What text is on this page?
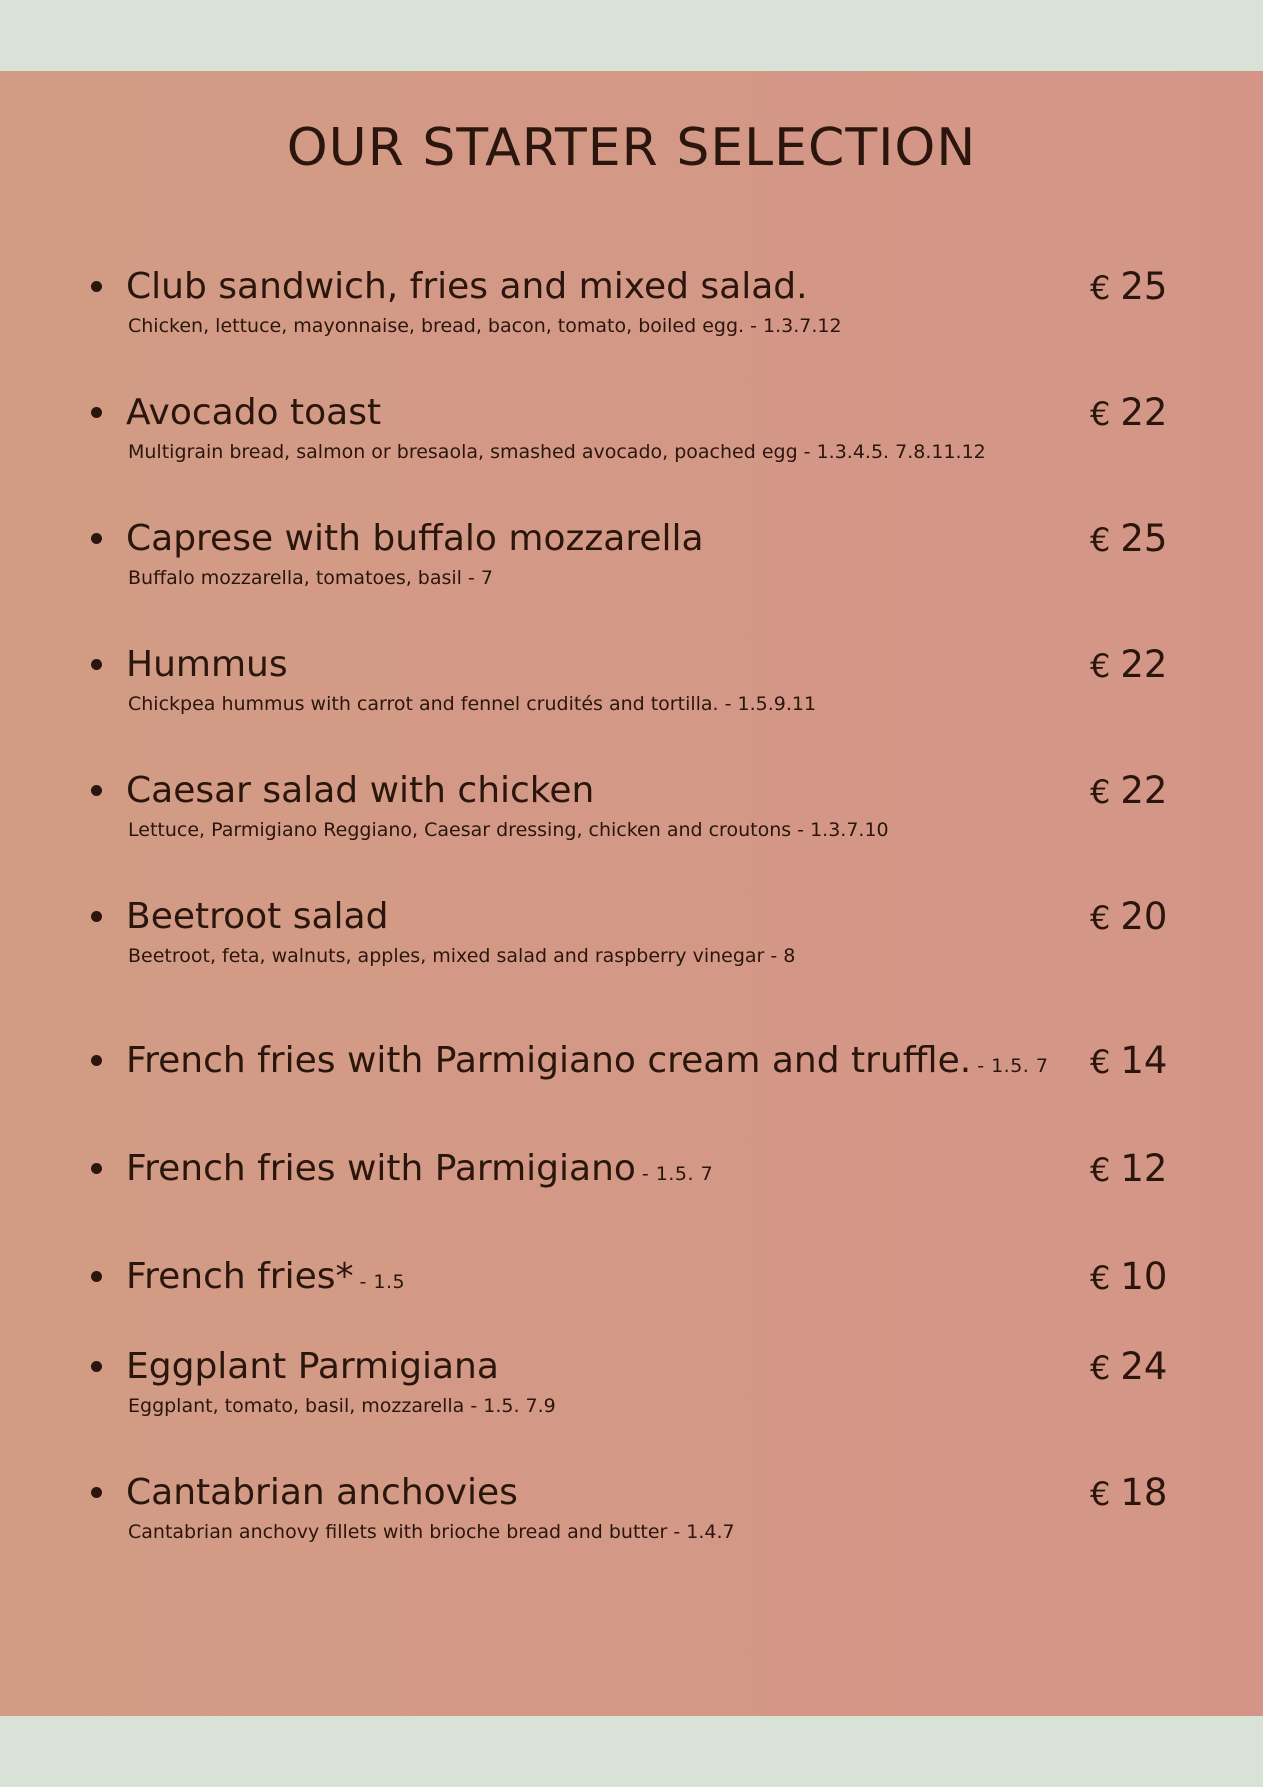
OUR STARTER SELECTION
Club sandwich, fries and mixed salad.
Chicken, lettuce, mayonnaise, bread, bacon, tomato, boiled egg. - 1.3.7.12
€ 25
Avocado toast
Multigrain bread, salmon or bresaola, smashed avocado, poached egg - 1.3.4.5. 7.8.11.12
€ 22
Caprese with buffalo mozzarella
Buffalo mozzarella, tomatoes, basil - 7
€ 25
Hummus
Chickpea hummus with carrot and fennel crudités and tortilla. - 1.5.9.11
€ 22
Caesar salad with chicken
Lettuce, Parmigiano Reggiano, Caesar dressing, chicken and croutons - 1.3.7.10
€ 22
Beetroot salad
Beetroot, feta, walnuts, apples, mixed salad and raspberry vinegar - 8
€ 20
French fries with Parmigiano cream and truffle. - 1.5. 7 € 14
French fries with Parmigiano - 1.5. 7	€ 12
French fries* - 1.5	€ 10
Eggplant Parmigiana
Eggplant, tomato, basil, mozzarella - 1.5. 7.9
€ 24
Cantabrian anchovies
Cantabrian anchovy fillets with brioche bread and butter - 1.4.7
€ 18
